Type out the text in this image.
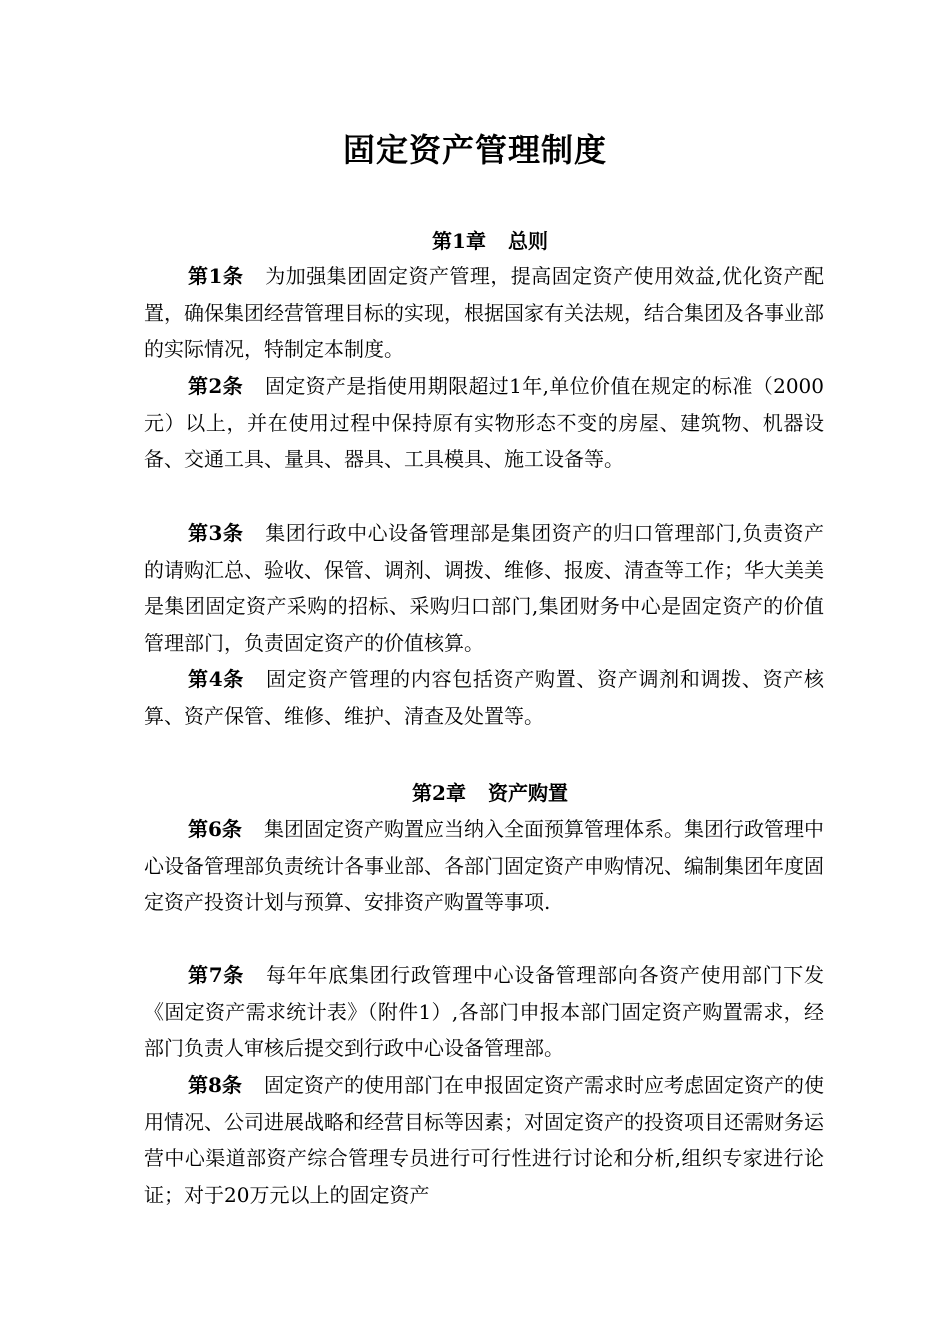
固定资产管理制度
第1章 总则
第1条 为加强集团固定资产管理，提高固定资产使用效益,优化资产配置，确保集团经营管理目标的实现，根据国家有关法规，结合集团及各事业部的实际情况，特制定本制度。
第2条 固定资产是指使用期限超过1年,单位价值在规定的标准（2000元）以上，并在使用过程中保持原有实物形态不变的房屋、建筑物、机器设备、交通工具、量具、器具、工具模具、施工设备等。
第3条 集团行政中心设备管理部是集团资产的归口管理部门,负责资产的请购汇总、验收、保管、调剂、调拨、维修、报废、清查等工作；华大美美是集团固定资产采购的招标、采购归口部门,集团财务中心是固定资产的价值管理部门，负责固定资产的价值核算。
第4条 固定资产管理的内容包括资产购置、资产调剂和调拨、资产核算、资产保管、维修、维护、清查及处置等。
第2章 资产购置
第6条 集团固定资产购置应当纳入全面预算管理体系。集团行政管理中心设备管理部负责统计各事业部、各部门固定资产申购情况、编制集团年度固定资产投资计划与预算、安排资产购置等事项.
第7条 每年年底集团行政管理中心设备管理部向各资产使用部门下发《固定资产需求统计表》（附件1）,各部门申报本部门固定资产购置需求，经部门负责人审核后提交到行政中心设备管理部。
第8条 固定资产的使用部门在申报固定资产需求时应考虑固定资产的使用情况、公司进展战略和经营目标等因素；对固定资产的投资项目还需财务运营中心渠道部资产综合管理专员进行可行性进行讨论和分析,组织专家进行论证；对于20万元以上的固定资产
